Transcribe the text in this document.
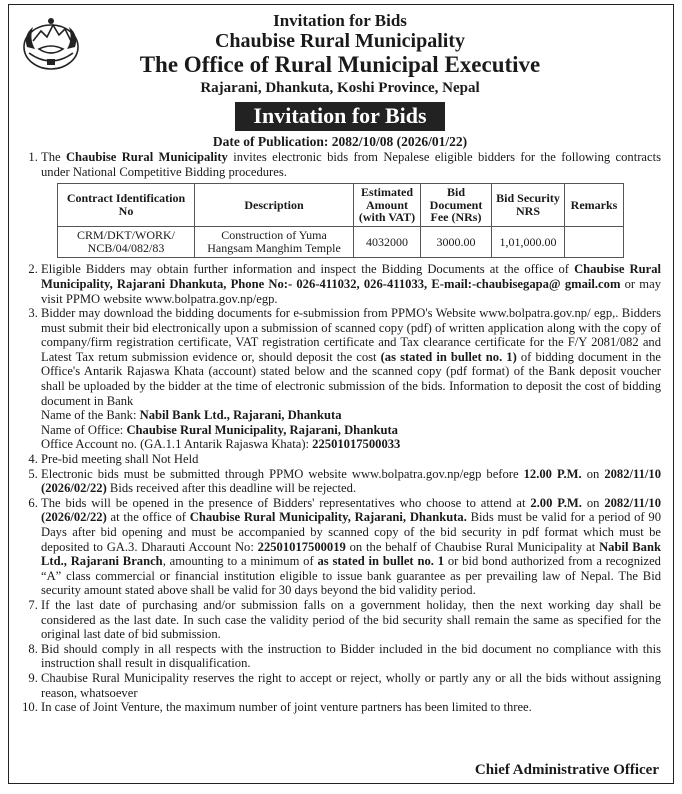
Invitation for Bids
Chaubise Rural Municipality
The Office of Rural Municipal Executive
Rajarani, Dhankuta, Koshi Province, Nepal
Invitation for Bids
Date of Publication: 2082/10/08 (2026/01/22)
1. The Chaubise Rural Municipality invites electronic bids from Nepalese eligible bidders for the following contracts under National Competitive Bidding procedures.
Contract Identification No	Description	Estimated Amount (with VAT)	Bid Document Fee (NRs)	Bid Security NRS	Remarks
CRM/DKT/WORK/ NCB/04/082/83	Construction of Yuma Hangsam Manghim Temple	4032000	3000.00	1,01,000.00	
2. Eligible Bidders may obtain further information and inspect the Bidding Documents at the office of Chaubise Rural Municipality, Rajarani Dhankuta, Phone No:- 026-411032, 026-411033, E-mail:-chaubisegapa@ gmail.com or may visit PPMO website www.bolpatra.gov.np/egp.
3. Bidder may download the bidding documents for e-submission from PPMO's Website www.bolpatra.gov.np/ egp,. Bidders must submit their bid electronically upon a submission of scanned copy (pdf) of written application along with the copy of company/firm registration certificate, VAT registration certificate and Tax clearance certificate for the F/Y 2081/082 and Latest Tax retum submission evidence or, should deposit the cost (as stated in bullet no. 1) of bidding document in the Office's Antarik Rajaswa Khata (account) stated below and the scanned copy (pdf format) of the Bank deposit voucher shall be uploaded by the bidder at the time of electronic submission of the bids. Information to deposit the cost of bidding document in Bank
Name of the Bank: Nabil Bank Ltd., Rajarani, Dhankuta
Name of Office: Chaubise Rural Municipality, Rajarani, Dhankuta
Office Account no. (GA.1.1 Antarik Rajaswa Khata): 22501017500033
4. Pre-bid meeting shall Not Held
5. Electronic bids must be submitted through PPMO website www.bolpatra.gov.np/egp before 12.00 P.M. on 2082/11/10 (2026/02/22) Bids received after this deadline will be rejected.
6. The bids will be opened in the presence of Bidders' representatives who choose to attend at 2.00 P.M. on 2082/11/10 (2026/02/22) at the office of Chaubise Rural Municipality, Rajarani, Dhankuta. Bids must be valid for a period of 90 Days after bid opening and must be accompanied by scanned copy of the bid security in pdf format which must be deposited to GA.3. Dharauti Account No: 22501017500019 on the behalf of Chaubise Rural Municipality at Nabil Bank Ltd., Rajarani Branch, amounting to a minimum of as stated in bullet no. 1 or bid bond authorized from a recognized “A” class commercial or financial institution eligible to issue bank guarantee as per prevailing law of Nepal. The Bid security amount stated above shall be valid for 30 days beyond the bid validity period.
7. If the last date of purchasing and/or submission falls on a government holiday, then the next working day shall be considered as the last date. In such case the validity period of the bid security shall remain the same as specified for the original last date of bid submission.
8. Bid should comply in all respects with the instruction to Bidder included in the bid document no compliance with this instruction shall result in disqualification.
9. Chaubise Rural Municipality reserves the right to accept or reject, wholly or partly any or all the bids without assigning reason, whatsoever
10. In case of Joint Venture, the maximum number of joint venture partners has been limited to three.
Chief Administrative Officer
